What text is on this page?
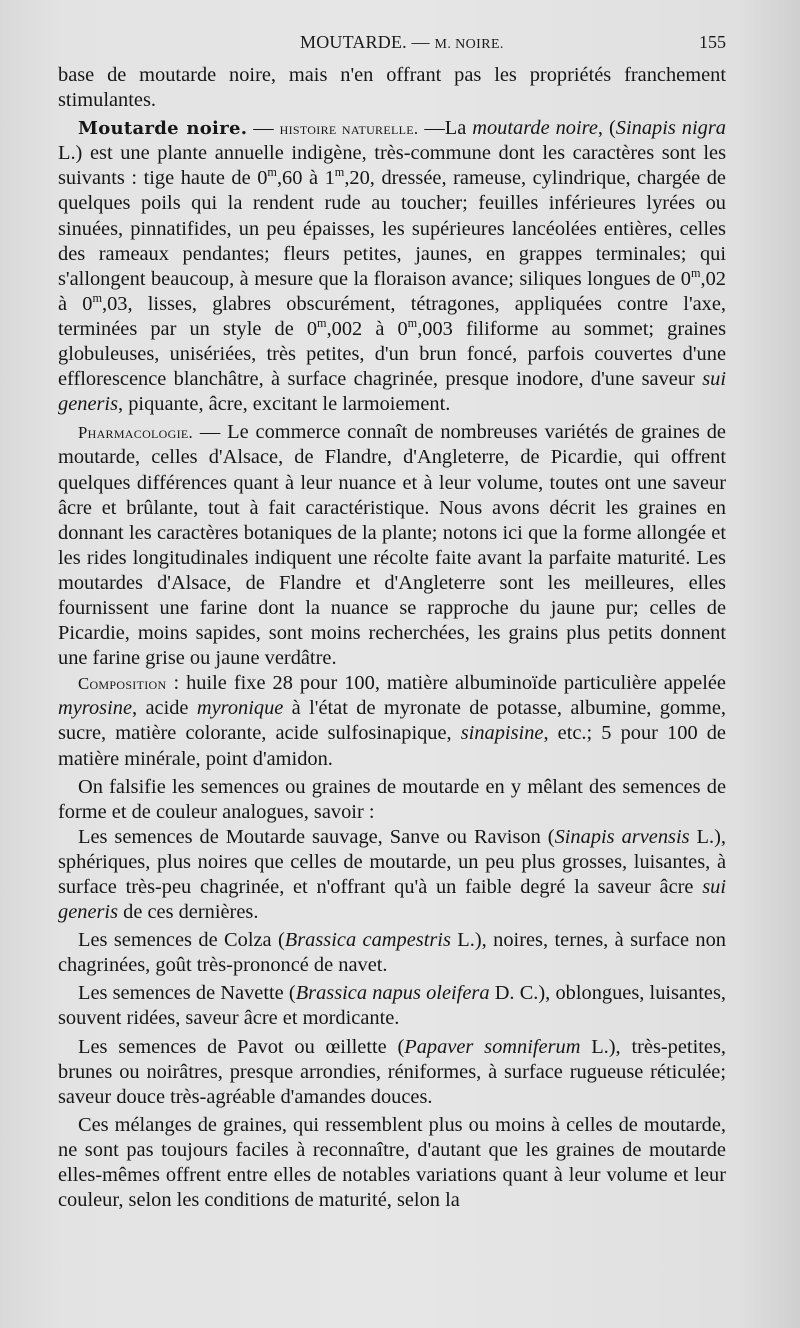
MOUTARDE. — M. NOIRE.	155

base de moutarde noire, mais n'en offrant pas les propriétés franchement stimulantes.

Moutarde noire. — histoire naturelle. —La moutarde noire, (Sinapis nigra L.) est une plante annuelle indigène, très-commune dont les caractères sont les suivants : tige haute de 0$^m$,60 à 1$^m$,20, dressée, rameuse, cylindrique, chargée de quelques poils qui la rendent rude au toucher; feuilles inférieures lyrées ou sinuées, pinnatifides, un peu épaisses, les supérieures lancéolées entières, celles des rameaux pendantes; fleurs petites, jaunes, en grappes terminales; qui s'allongent beaucoup, à mesure que la floraison avance; siliques longues de 0$^m$,02 à 0$^m$,03, lisses, glabres obscurément, tétragones, appliquées contre l'axe, terminées par un style de 0$^m$,002 à 0$^m$,003 filiforme au sommet; graines globuleuses, unisériées, très petites, d'un brun foncé, parfois couvertes d'une efflorescence blanchâtre, à surface chagrinée, presque inodore, d'une saveur sui generis, piquante, âcre, excitant le larmoiement.

Pharmacologie. — Le commerce connaît de nombreuses variétés de graines de moutarde, celles d'Alsace, de Flandre, d'Angleterre, de Picardie, qui offrent quelques différences quant à leur nuance et à leur volume, toutes ont une saveur âcre et brûlante, tout à fait caractéristique. Nous avons décrit les graines en donnant les caractères botaniques de la plante; notons ici que la forme allongée et les rides longitudinales indiquent une récolte faite avant la parfaite maturité. Les moutardes d'Alsace, de Flandre et d'Angleterre sont les meilleures, elles fournissent une farine dont la nuance se rapproche du jaune pur; celles de Picardie, moins sapides, sont moins recherchées, les grains plus petits donnent une farine grise ou jaune verdâtre.

Composition : huile fixe 28 pour 100, matière albuminoïde particulière appelée myrosine, acide myronique à l'état de myronate de potasse, albumine, gomme, sucre, matière colorante, acide sulfosinapique, sinapisine, etc.; 5 pour 100 de matière minérale, point d'amidon.

On falsifie les semences ou graines de moutarde en y mêlant des semences de forme et de couleur analogues, savoir :

Les semences de Moutarde sauvage, Sanve ou Ravison (Sinapis arvensis L.), sphériques, plus noires que celles de moutarde, un peu plus grosses, luisantes, à surface très-peu chagrinée, et n'offrant qu'à un faible degré la saveur âcre sui generis de ces dernières.

Les semences de Colza (Brassica campestris L.), noires, ternes, à surface non chagrinées, goût très-prononcé de navet.

Les semences de Navette (Brassica napus oleifera D. C.), oblongues, luisantes, souvent ridées, saveur âcre et mordicante.

Les semences de Pavot ou œillette (Papaver somniferum L.), très-petites, brunes ou noirâtres, presque arrondies, réniformes, à surface rugueuse réticulée; saveur douce très-agréable d'amandes douces.

Ces mélanges de graines, qui ressemblent plus ou moins à celles de moutarde, ne sont pas toujours faciles à reconnaître, d'autant que les graines de moutarde elles-mêmes offrent entre elles de notables variations quant à leur volume et leur couleur, selon les conditions de maturité, selon la
